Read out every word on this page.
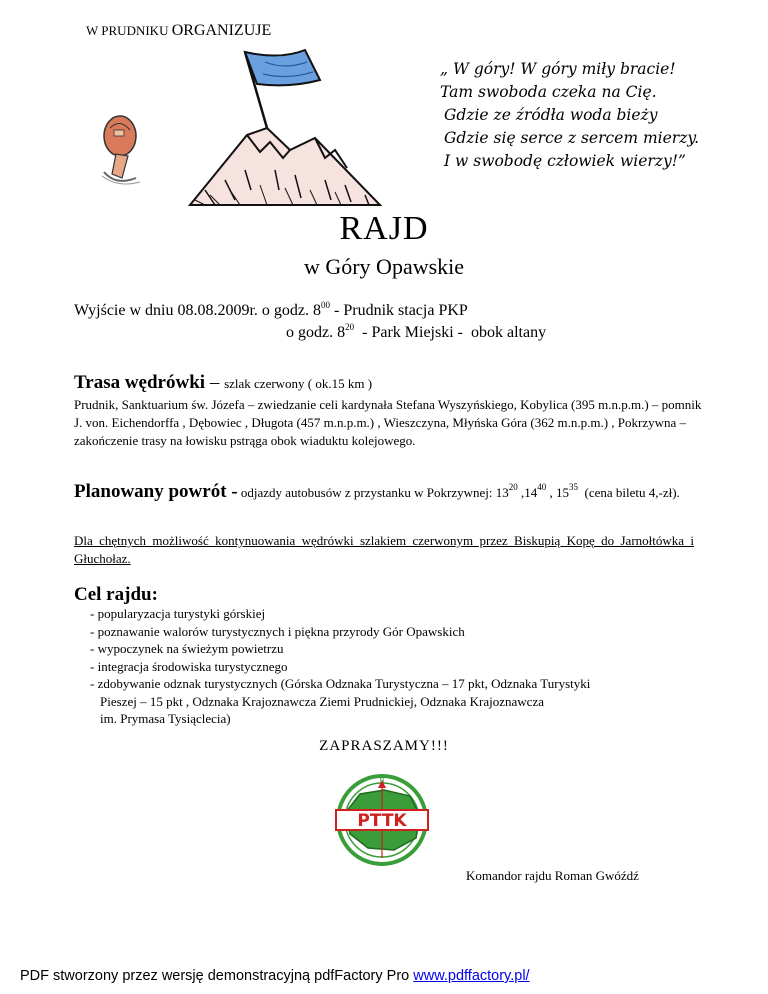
W PRUDNIKU ORGANIZUJE
„ W góry! W góry miły bracie!
Tam swoboda czeka na Cię.
Gdzie ze źródła woda bieży
Gdzie się serce z sercem mierzy.
I w swobodę człowiek wierzy!”
RAJD
w Góry Opawskie
Wyjście w dniu 08.08.2009r. o godz. $8^{00}$ - Prudnik stacja PKP
o godz. $8^{20}$  - Park Miejski -  obok altany
Trasa wędrówki – szlak czerwony ( ok.15 km )
Prudnik, Sanktuarium św. Józefa – zwiedzanie celi kardynała Stefana Wyszyńskiego, Kobylica (395 m.n.p.m.) – pomnik J. von. Eichendorffa , Dębowiec , Długota (457 m.n.p.m.) , Wieszczyna, Młyńska Góra (362 m.n.p.m.) , Pokrzywna – zakończenie trasy na łowisku pstrąga obok wiaduktu kolejowego.
Planowany powrót - odjazdy autobusów z przystanku w Pokrzywnej: $13^{20}$ $,14^{40}$ , $15^{35}$  (cena biletu 4,-zł).
Dla chętnych możliwość kontynuowania wędrówki szlakiem czerwonym przez Biskupią Kopę do Jarnołtówka i Głuchołaz.
Cel rajdu:
- popularyzacja turystyki górskiej
- poznawanie walorów turystycznych i piękna przyrody Gór Opawskich
- wypoczynek na świeżym powietrzu
- integracja środowiska turystycznego
- zdobywanie odznak turystycznych (Górska Odznaka Turystyczna – 17 pkt, Odznaka Turystyki
Pieszej – 15 pkt , Odznaka Krajoznawcza Ziemi Prudnickiej, Odznaka Krajoznawcza
im. Prymasa Tysiąclecia)
ZAPRASZAMY!!!
N
PTTK
Komandor rajdu Roman Gwóźdź
PDF stworzony przez wersję demonstracyjną pdfFactory Pro www.pdffactory.pl/
